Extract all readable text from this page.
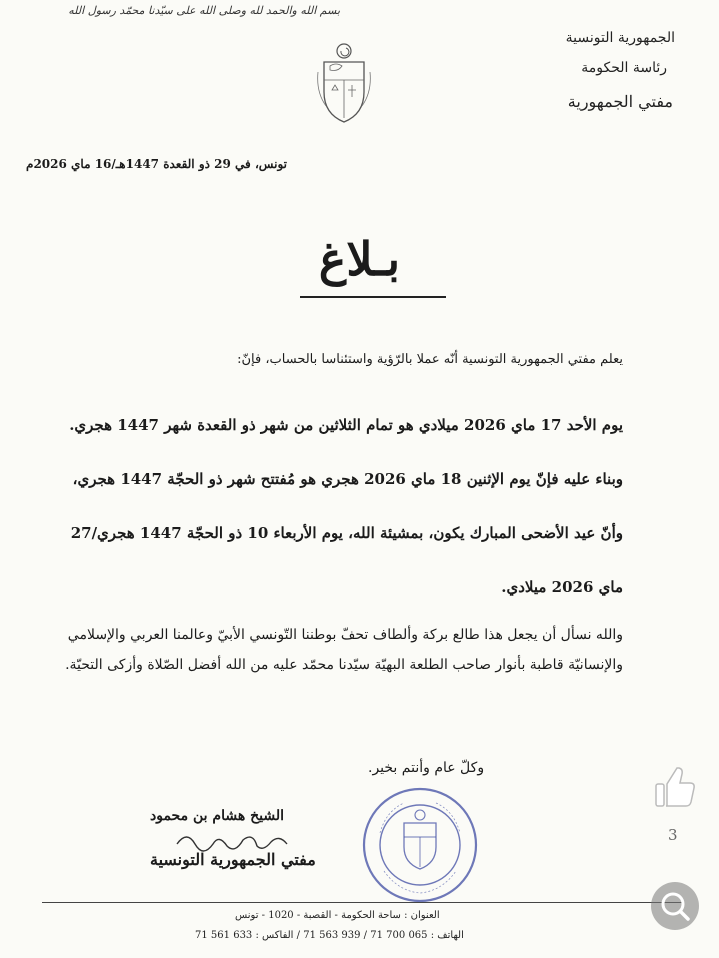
بسم الله والحمد لله وصلى الله على سيّدنا محمّد رسول الله
الجمهورية التونسية
رئاسة الحكومة
مفتي الجمهورية
تونس، في 29 ذو القعدة 1447هـ/16 ماي 2026م
بـلاغ
يعلم مفتي الجمهورية التونسية أنّه عملا بالرّؤية واستئناسا بالحساب، فإنّ:
يوم الأحد 17 ماي 2026 ميلادي هو تمام الثلاثين من شهر ذو القعدة شهر 1447 هجري. وبناء عليه فإنّ يوم الإثنين 18 ماي 2026 هجري هو مُفتتح شهر ذو الحجّة 1447 هجري، وأنّ عيد الأضحى المبارك يكون، بمشيئة الله، يوم الأربعاء 10 ذو الحجّة 1447 هجري/27 ماي 2026 ميلادي.
والله نسأل أن يجعل هذا طالع بركة وألطاف تحفّ بوطننا التّونسي الأبيّ وعالمنا العربي والإسلامي والإنسانيّة قاطبة بأنوار صاحب الطلعة البهيّة سيّدنا محمّد عليه من الله أفضل الصّلاة وأزكى التحيّة.
وكلّ عام وأنتم بخير.
الشيخ هشام بن محمود
مفتي الجمهورية التونسية
العنوان : ساحة الحكومة - القصبة - 1020 - تونس
الهاتف : 065 700 71 / 939 563 71 / الفاكس : 633 561 71
3
